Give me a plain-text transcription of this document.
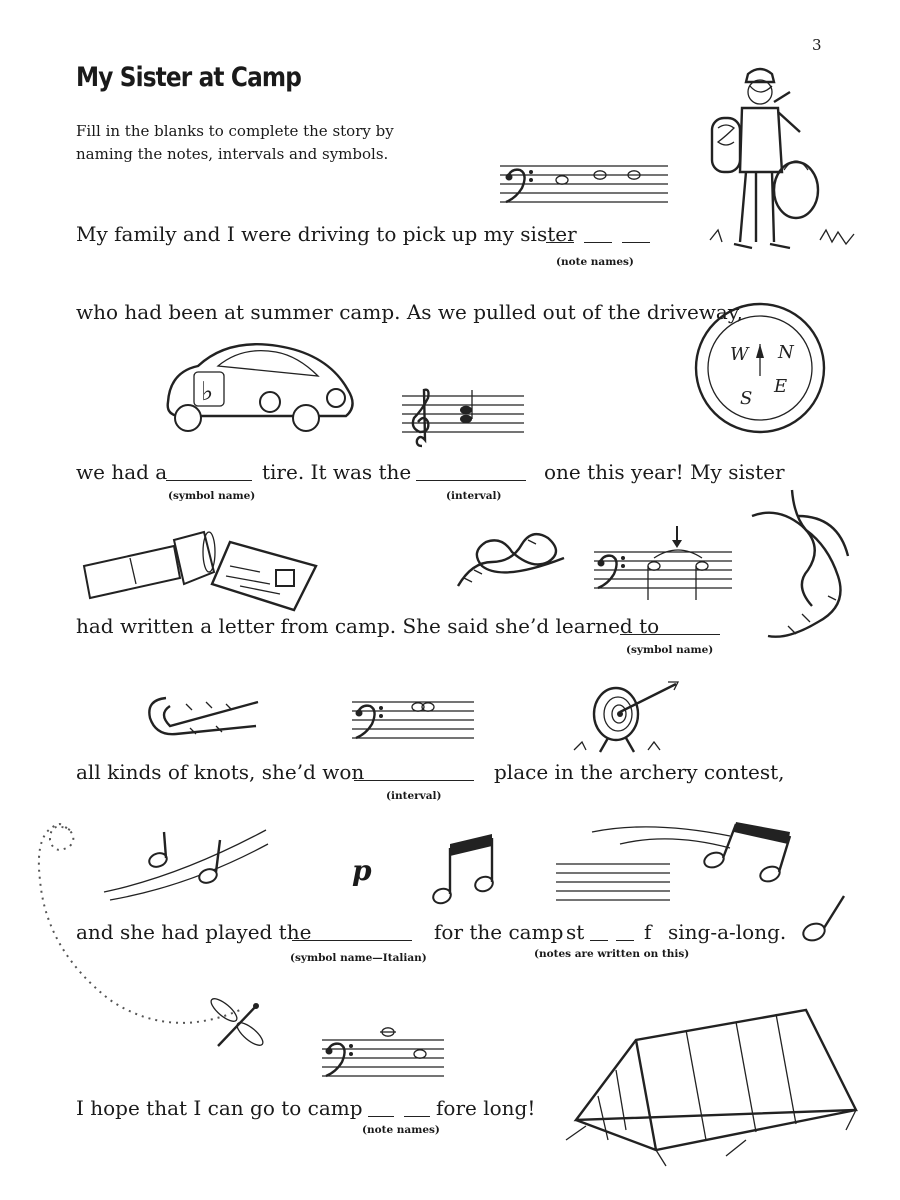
3
My Sister at Camp
Fill in the blanks to complete the story by
naming the notes, intervals and symbols.
My family and I were driving to pick up my sister
(note names)
who had been at summer camp. As we pulled out of the driveway,
♭
W N
S
E
we had a	tire. It was the	one this year! My sister
(symbol name)	(interval)
had written a letter from camp. She said she’d learned to
(symbol name)
all kinds of knots, she’d won	place in the archery contest,
(interval)
p
and she had played the	for the camp st	f sing-a-long.
(symbol name—Italian)	(notes are written on this)
I hope that I can go to camp	fore long!
(note names)
